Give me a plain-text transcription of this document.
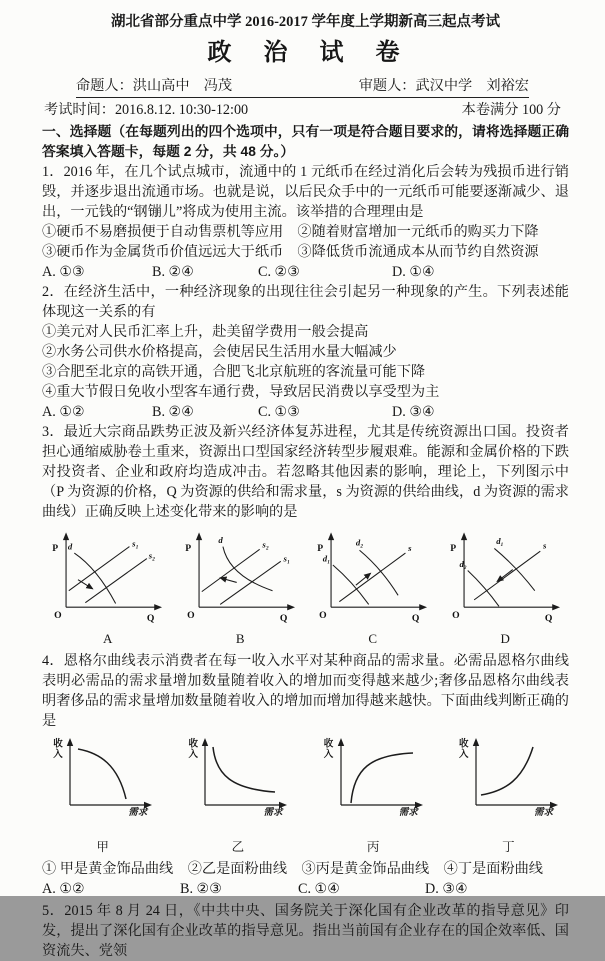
湖北省部分重点中学 2016-2017 学年度上学期新高三起点考试
政　治　试　卷
命题人：洪山高中　冯茂	审题人：武汉中学　刘裕宏
考试时间：2016.8.12. 10:30-12:00	本卷满分 100 分
一、选择题（在每题列出的四个选项中，只有一项是符合题目要求的，请将选择题正确答案填入答题卡，每题 2 分，共 48 分。）

1．2016 年，在几个试点城市，流通中的 1 元纸币在经过消化后会转为残损币进行销毁，并逐步退出流通市场。也就是说，以后民众手中的一元纸币可能要逐渐减少、退出，一元钱的“钢镚儿”将成为使用主流。该举措的合理理由是

①硬币不易磨损便于自动售票机等应用　②随着财富增加一元纸币的购买力下降

③硬币作为金属货币价值远远大于纸币　③降低货币流通成本从而节约自然资源

A. ①③	B. ②④	C. ②③	D. ①④

2．在经济生活中，一种经济现象的出现往往会引起另一种现象的产生。下列表述能体现这一关系的有

①美元对人民币汇率上升，赴美留学费用一般会提高

②水务公司供水价格提高，会使居民生活用水量大幅减少

③合肥至北京的高铁开通，合肥飞北京航班的客流量可能下降

④重大节假日免收小型客车通行费，导致居民消费以享受型为主

A. ①②	B. ②④	C. ①③	D. ③④

3．最近大宗商品跌势正波及新兴经济体复苏进程，尤其是传统资源出口国。投资者担心通缩威胁卷土重来，资源出口型国家经济转型步履艰难。能源和金属价格的下跌对投资者、企业和政府均造成冲击。若忽略其他因素的影响，理论上，下列图示中（P 为资源的价格，Q 为资源的供给和需求量，s 为资源的供给曲线，d 为资源的需求曲线）正确反映上述变化带来的影响的是

P
O	Q
d	s₁
s₂
A
P
O	Q
d	s₂
s₁
B
P
O	Q
d₁
d₂
s
C
P
O	Q
d₂
d₁	s
D

4．恩格尔曲线表示消费者在每一收入水平对某种商品的需求量。必需品恩格尔曲线表明必需品的需求量增加数量随着收入的增加而变得越来越少;奢侈品恩格尔曲线表明奢侈品的需求量增加数量随着收入的增加而增加得越来越快。下面曲线判断正确的是

收入
需求
甲
收入
需求
乙
收入
需求
丙
收入
需求
丁
① 甲是黄金饰品曲线 ②乙是面粉曲线 ③丙是黄金饰品曲线 ④丁是面粉曲线
A. ①②	B. ②③	C. ①④	D. ③④

5．2015 年 8 月 24 日，《中共中央、国务院关于深化国有企业改革的指导意见》印发，提出了深化国有企业改革的指导意见。指出当前国有企业存在的国企效率低、国资流失、党领
